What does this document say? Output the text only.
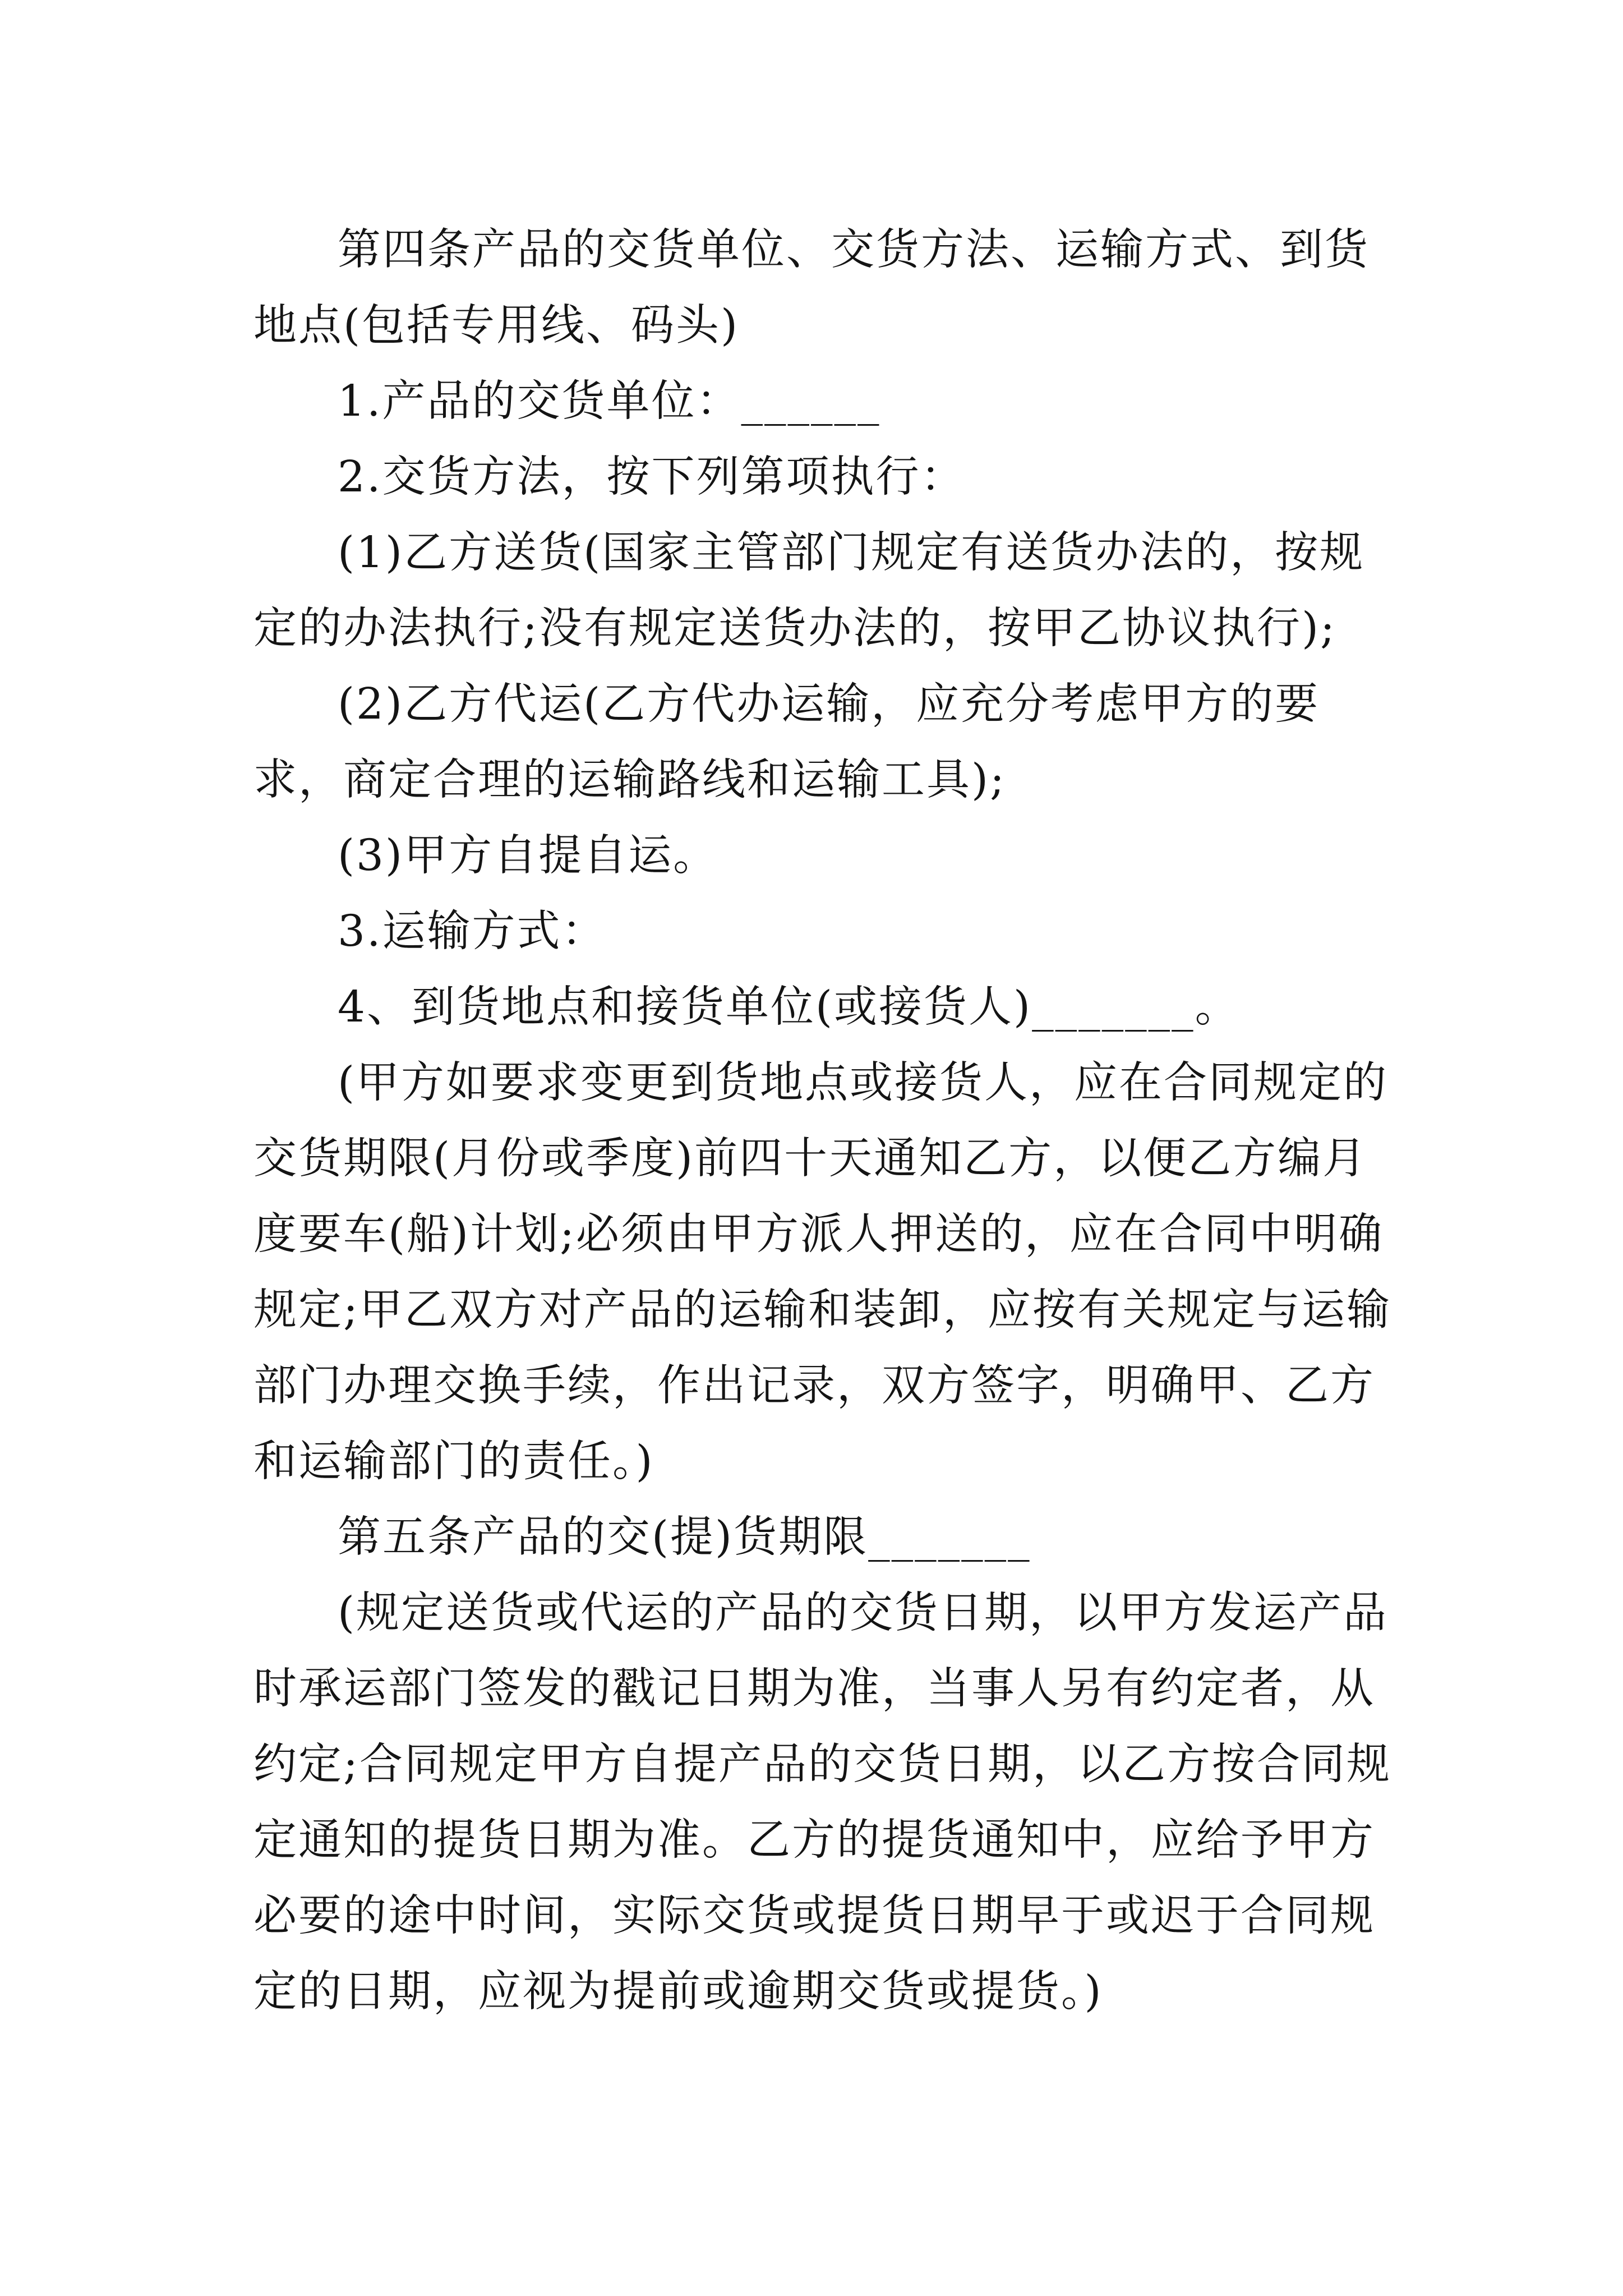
第四条产品的交货单位、交货方法、运输方式、到货地点(包括专用线、码头)

1.产品的交货单位：______

2.交货方法，按下列第项执行：

(1)乙方送货(国家主管部门规定有送货办法的，按规定的办法执行;没有规定送货办法的，按甲乙协议执行);

(2)乙方代运(乙方代办运输，应充分考虑甲方的要求，商定合理的运输路线和运输工具);

(3)甲方自提自运。

3.运输方式：

4、到货地点和接货单位(或接货人)_______。

(甲方如要求变更到货地点或接货人，应在合同规定的交货期限(月份或季度)前四十天通知乙方，以便乙方编月度要车(船)计划;必须由甲方派人押送的，应在合同中明确规定;甲乙双方对产品的运输和装卸，应按有关规定与运输部门办理交换手续，作出记录，双方签字，明确甲、乙方和运输部门的责任。)

第五条产品的交(提)货期限_______

(规定送货或代运的产品的交货日期，以甲方发运产品时承运部门签发的戳记日期为准，当事人另有约定者，从约定;合同规定甲方自提产品的交货日期，以乙方按合同规定通知的提货日期为准。乙方的提货通知中，应给予甲方必要的途中时间，实际交货或提货日期早于或迟于合同规定的日期，应视为提前或逾期交货或提货。)
